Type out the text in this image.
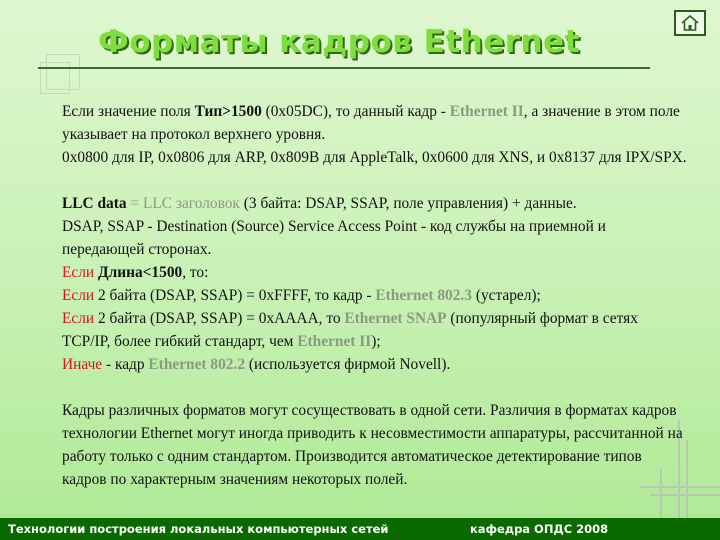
Форматы кадров Ethernet

Если значение поля Тип>1500 (0x05DC), то данный кадр - Ethernet II, а значение в этом поле указывает на протокол верхнего уровня.

0x0800 для IP, 0x0806 для ARP, 0x809B для AppleTalk, 0x0600 для XNS, и 0x8137 для IPX/SPX.

LLC data = LLC заголовок (3 байта: DSAP, SSAP, поле управления) + данные.

DSAP, SSAP - Destination (Source) Service Access Point - код службы на приемной и передающей сторонах.

Если Длина<1500, то:

Если 2 байта (DSAP, SSAP) = 0xFFFF, то кадр - Ethernet 802.3 (устарел);

Если 2 байта (DSAP, SSAP) = 0xAAAA, то Ethernet SNAP (популярный формат в сетях TCP/IP, более гибкий стандарт, чем Ethernet II);

Иначе - кадр Ethernet 802.2 (используется фирмой Novell).

Кадры различных форматов могут сосуществовать в одной сети. Различия в форматах кадров технологии Ethernet могут иногда приводить к несовместимости аппаратуры, рассчитанной на работу только с одним стандартом. Производится автоматическое детектирование типов кадров по характерным значениям некоторых полей.

Технологии построения локальных компьютерных сетей	кафедра ОПДС 2008
